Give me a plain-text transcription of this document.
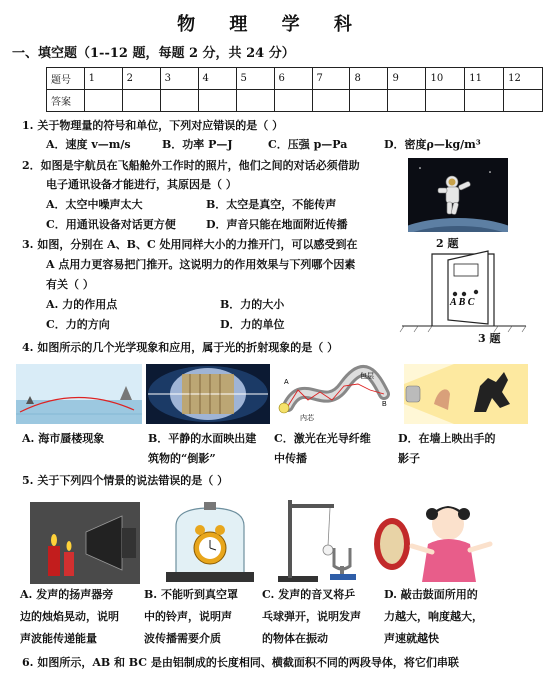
物 理 学 科
一、填空题（1--12 题，每题 2 分，共 24 分）
题号	1	2	3	4	5	6	7	8	9	10	11	12
答案												
1. 关于物理量的符号和单位，下列对应错误的是（ ）
A．速度 v—m/s	B．功率 P—J	C．压强 p—Pa	D．密度ρ—kg/m³
2．如图是宇航员在飞船舱外工作时的照片，他们之间的对话必须借助
电子通讯设备才能进行，其原因是（ ）
A．太空中噪声太大	B．太空是真空，不能传声
C．用通讯设备对话更方便	D．声音只能在地面附近传播
2 题
3. 如图，分别在 A、B、C 处用同样大小的力推开门，可以感受到在
A 点用力更容易把门推开。这说明力的作用效果与下列哪个因素
有关（ ）
A. 力的作用点	B．力的大小
C．力的方向	D．力的单位
A B C
3 题
4. 如图所示的几个光学现象和应用，属于光的折射现象的是（ ）
包层
内芯
A
B
A. 海市蜃楼现象	B．平静的水面映出建
筑物的“倒影”
C．激光在光导纤维
中传播
D．在墙上映出手的
影子
5. 关于下列四个情景的说法错误的是（ ）
A. 发声的扬声器旁
边的烛焰晃动，说明
声波能传递能量
B. 不能听到真空罩
中的铃声，说明声
波传播需要介质
C. 发声的音叉将乒
乓球弹开，说明发声
的物体在振动
D. 敲击鼓面所用的
力越大，响度越大，
声速就越快
6. 如图所示，AB 和 BC 是由铝制成的长度相同、横截面积不同的两段导体，将它们串联
